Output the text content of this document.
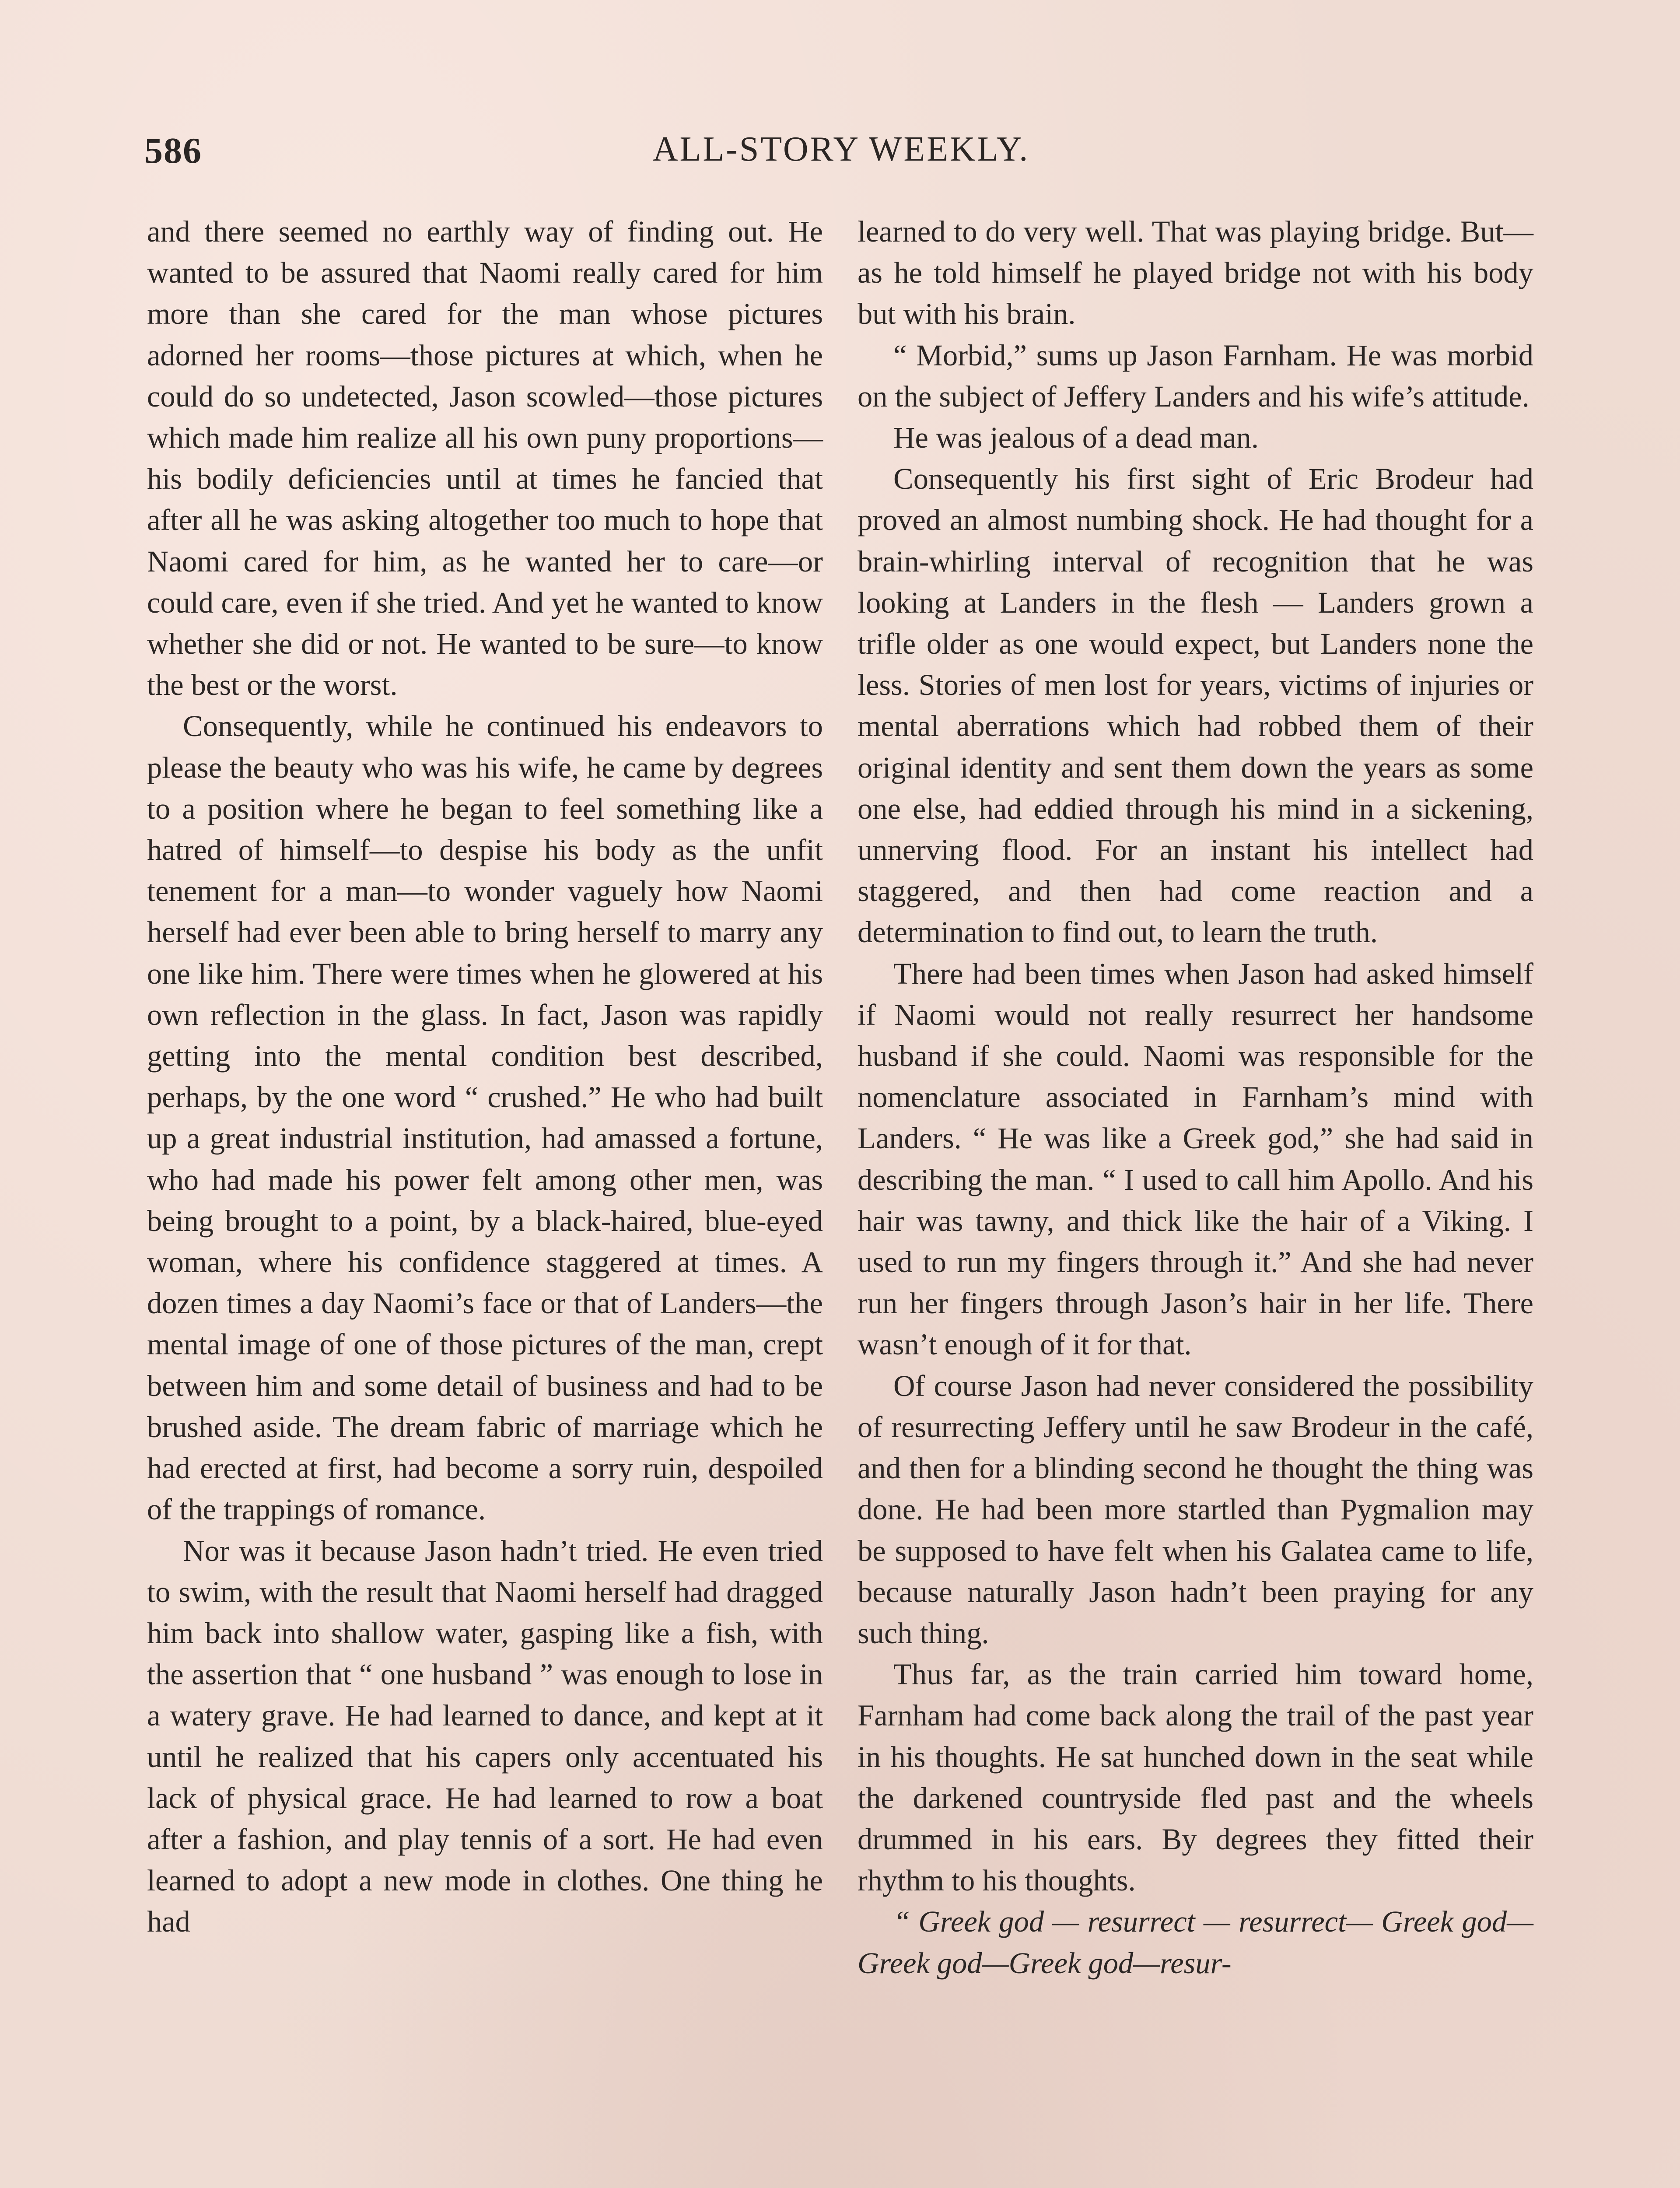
586	ALL-STORY WEEKLY.

and there seemed no earthly way of finding out. He wanted to be assured that Naomi really cared for him more than she cared for the man whose pictures adorned her rooms—those pictures at which, when he could do so undetected, Jason scowled—those pictures which made him realize all his own puny proportions—his bodily deficiencies until at times he fancied that after all he was asking altogether too much to hope that Naomi cared for him, as he wanted her to care—or could care, even if she tried. And yet he wanted to know whether she did or not. He wanted to be sure—to know the best or the worst.

Consequently, while he continued his endeavors to please the beauty who was his wife, he came by degrees to a position where he began to feel something like a hatred of himself—to despise his body as the unfit tenement for a man—to wonder vaguely how Naomi herself had ever been able to bring herself to marry any one like him. There were times when he glowered at his own reflection in the glass. In fact, Jason was rapidly getting into the mental condition best described, perhaps, by the one word “ crushed.” He who had built up a great industrial institution, had amassed a fortune, who had made his power felt among other men, was being brought to a point, by a black-haired, blue-eyed woman, where his confidence staggered at times. A dozen times a day Naomi’s face or that of Landers—the mental image of one of those pictures of the man, crept between him and some detail of business and had to be brushed aside. The dream fabric of marriage which he had erected at first, had become a sorry ruin, despoiled of the trappings of romance.

Nor was it because Jason hadn’t tried. He even tried to swim, with the result that Naomi herself had dragged him back into shallow water, gasping like a fish, with the assertion that “ one husband ” was enough to lose in a watery grave. He had learned to dance, and kept at it until he realized that his capers only accentuated his lack of physical grace. He had learned to row a boat after a fashion, and play tennis of a sort. He had even learned to adopt a new mode in clothes. One thing he had

learned to do very well. That was playing bridge. But—as he told himself he played bridge not with his body but with his brain.

“ Morbid,” sums up Jason Farnham. He was morbid on the subject of Jeffery Landers and his wife’s attitude.

He was jealous of a dead man.

Consequently his first sight of Eric Brodeur had proved an almost numbing shock. He had thought for a brain-whirling interval of recognition that he was looking at Landers in the flesh — Landers grown a trifle older as one would expect, but Landers none the less. Stories of men lost for years, victims of injuries or mental aberrations which had robbed them of their original identity and sent them down the years as some one else, had eddied through his mind in a sickening, unnerving flood. For an instant his intellect had staggered, and then had come reaction and a determination to find out, to learn the truth.

There had been times when Jason had asked himself if Naomi would not really resurrect her handsome husband if she could. Naomi was responsible for the nomenclature associated in Farnham’s mind with Landers. “ He was like a Greek god,” she had said in describing the man. “ I used to call him Apollo. And his hair was tawny, and thick like the hair of a Viking. I used to run my fingers through it.” And she had never run her fingers through Jason’s hair in her life. There wasn’t enough of it for that.

Of course Jason had never considered the possibility of resurrecting Jeffery until he saw Brodeur in the café, and then for a blinding second he thought the thing was done. He had been more startled than Pygmalion may be supposed to have felt when his Galatea came to life, because naturally Jason hadn’t been praying for any such thing.

Thus far, as the train carried him toward home, Farnham had come back along the trail of the past year in his thoughts. He sat hunched down in the seat while the darkened countryside fled past and the wheels drummed in his ears. By degrees they fitted their rhythm to his thoughts.

“ Greek god — resurrect — resurrect— Greek god—Greek god—Greek god—resur-
